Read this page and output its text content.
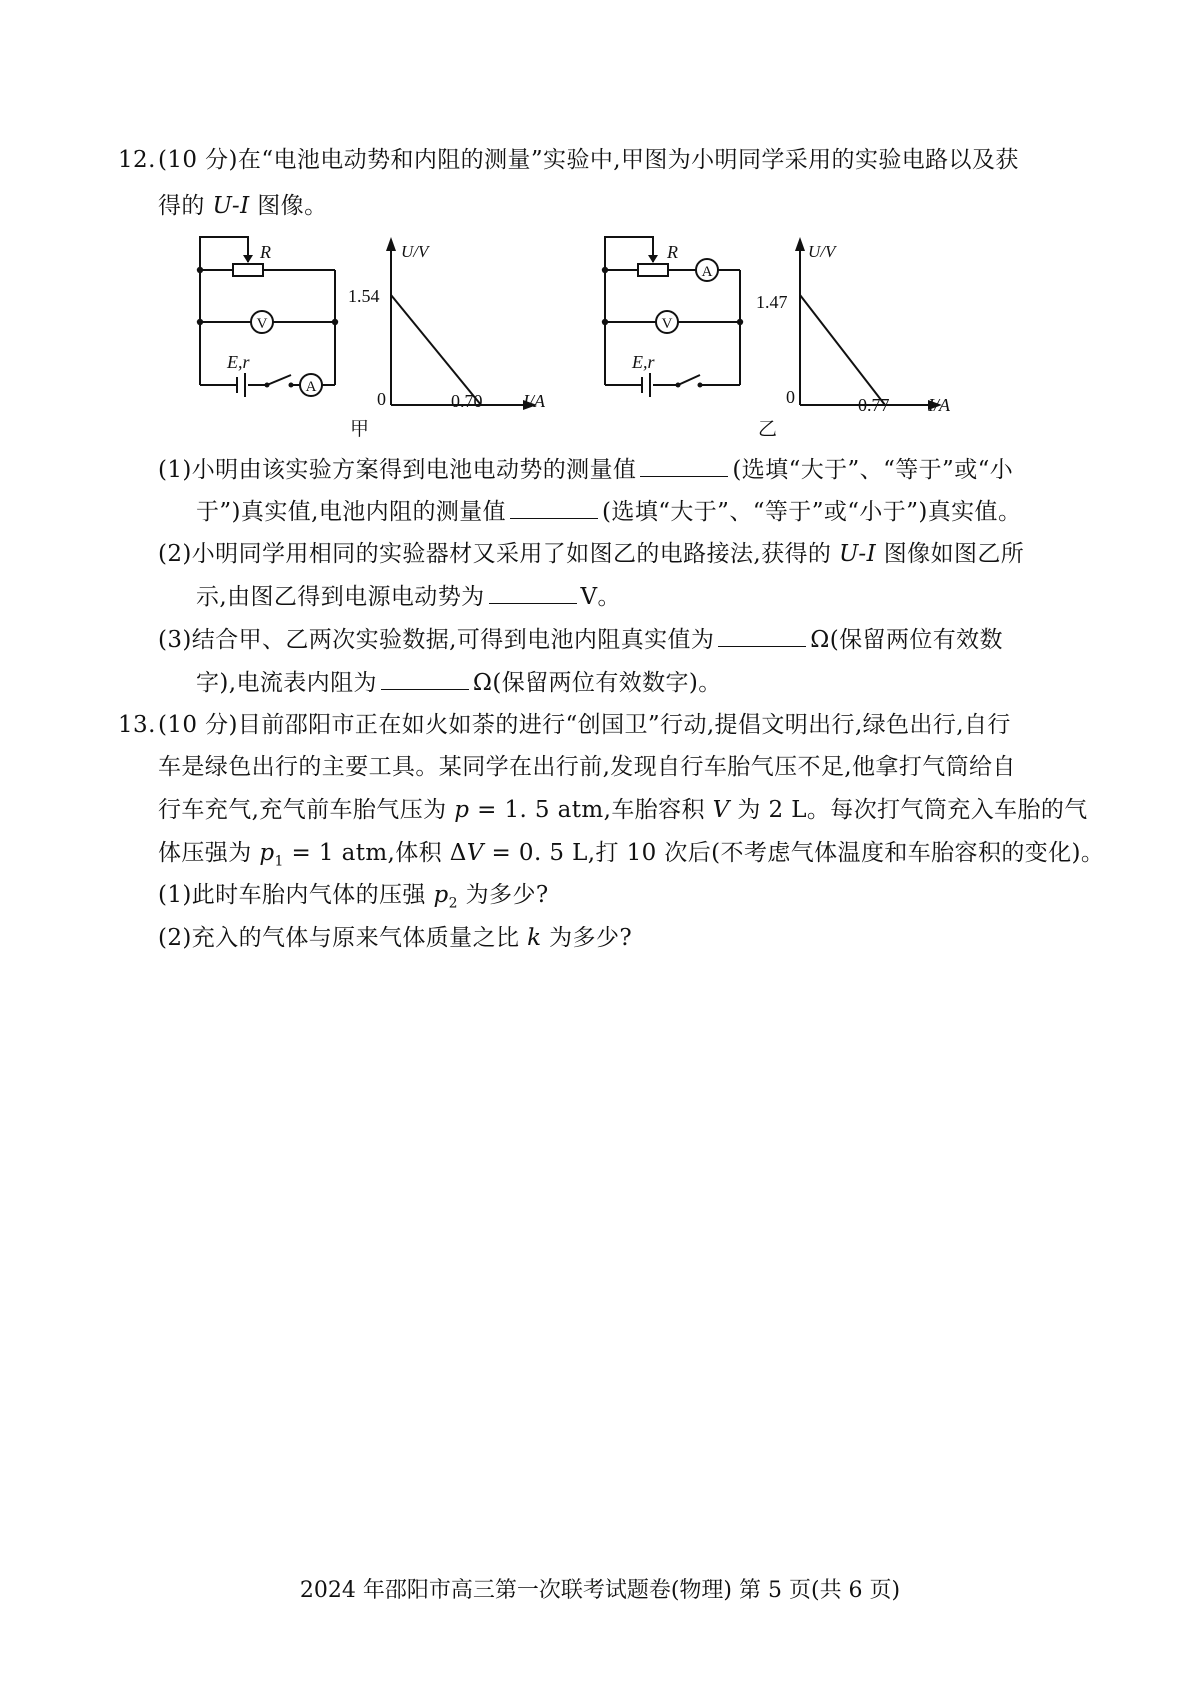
12. (10 分)在“电池电动势和内阻的测量”实验中,甲图为小明同学采用的实验电路以及获
得的 U-I 图像。
R
V
E,r
A
U/V
1.54
0	0.70 I/A
甲
R
A
V
E,r
U/V
1.47
0	0.77 I/A
乙
(1)小明由该实验方案得到电池电动势的测量值	(选填“大于”、“等于”或“小
于”)真实值,电池内阻的测量值	(选填“大于”、“等于”或“小于”)真实值。
(2)小明同学用相同的实验器材又采用了如图乙的电路接法,获得的 U-I 图像如图乙所
示,由图乙得到电源电动势为	V。
(3)结合甲、乙两次实验数据,可得到电池内阻真实值为	Ω(保留两位有效数
字),电流表内阻为	Ω(保留两位有效数字)。
13. (10 分)目前邵阳市正在如火如荼的进行“创国卫”行动,提倡文明出行,绿色出行,自行
车是绿色出行的主要工具。某同学在出行前,发现自行车胎气压不足,他拿打气筒给自
行车充气,充气前车胎气压为 p = 1. 5 atm,车胎容积 V 为 2 L。每次打气筒充入车胎的气
体压强为 $p_1 = 1$ atm,体积 ΔV = 0. 5 L,打 10 次后(不考虑气体温度和车胎容积的变化)。
(1)此时车胎内气体的压强 $p_2$ 为多少?
(2)充入的气体与原来气体质量之比 k 为多少?
2024 年邵阳市高三第一次联考试题卷(物理) 第 5 页(共 6 页)
